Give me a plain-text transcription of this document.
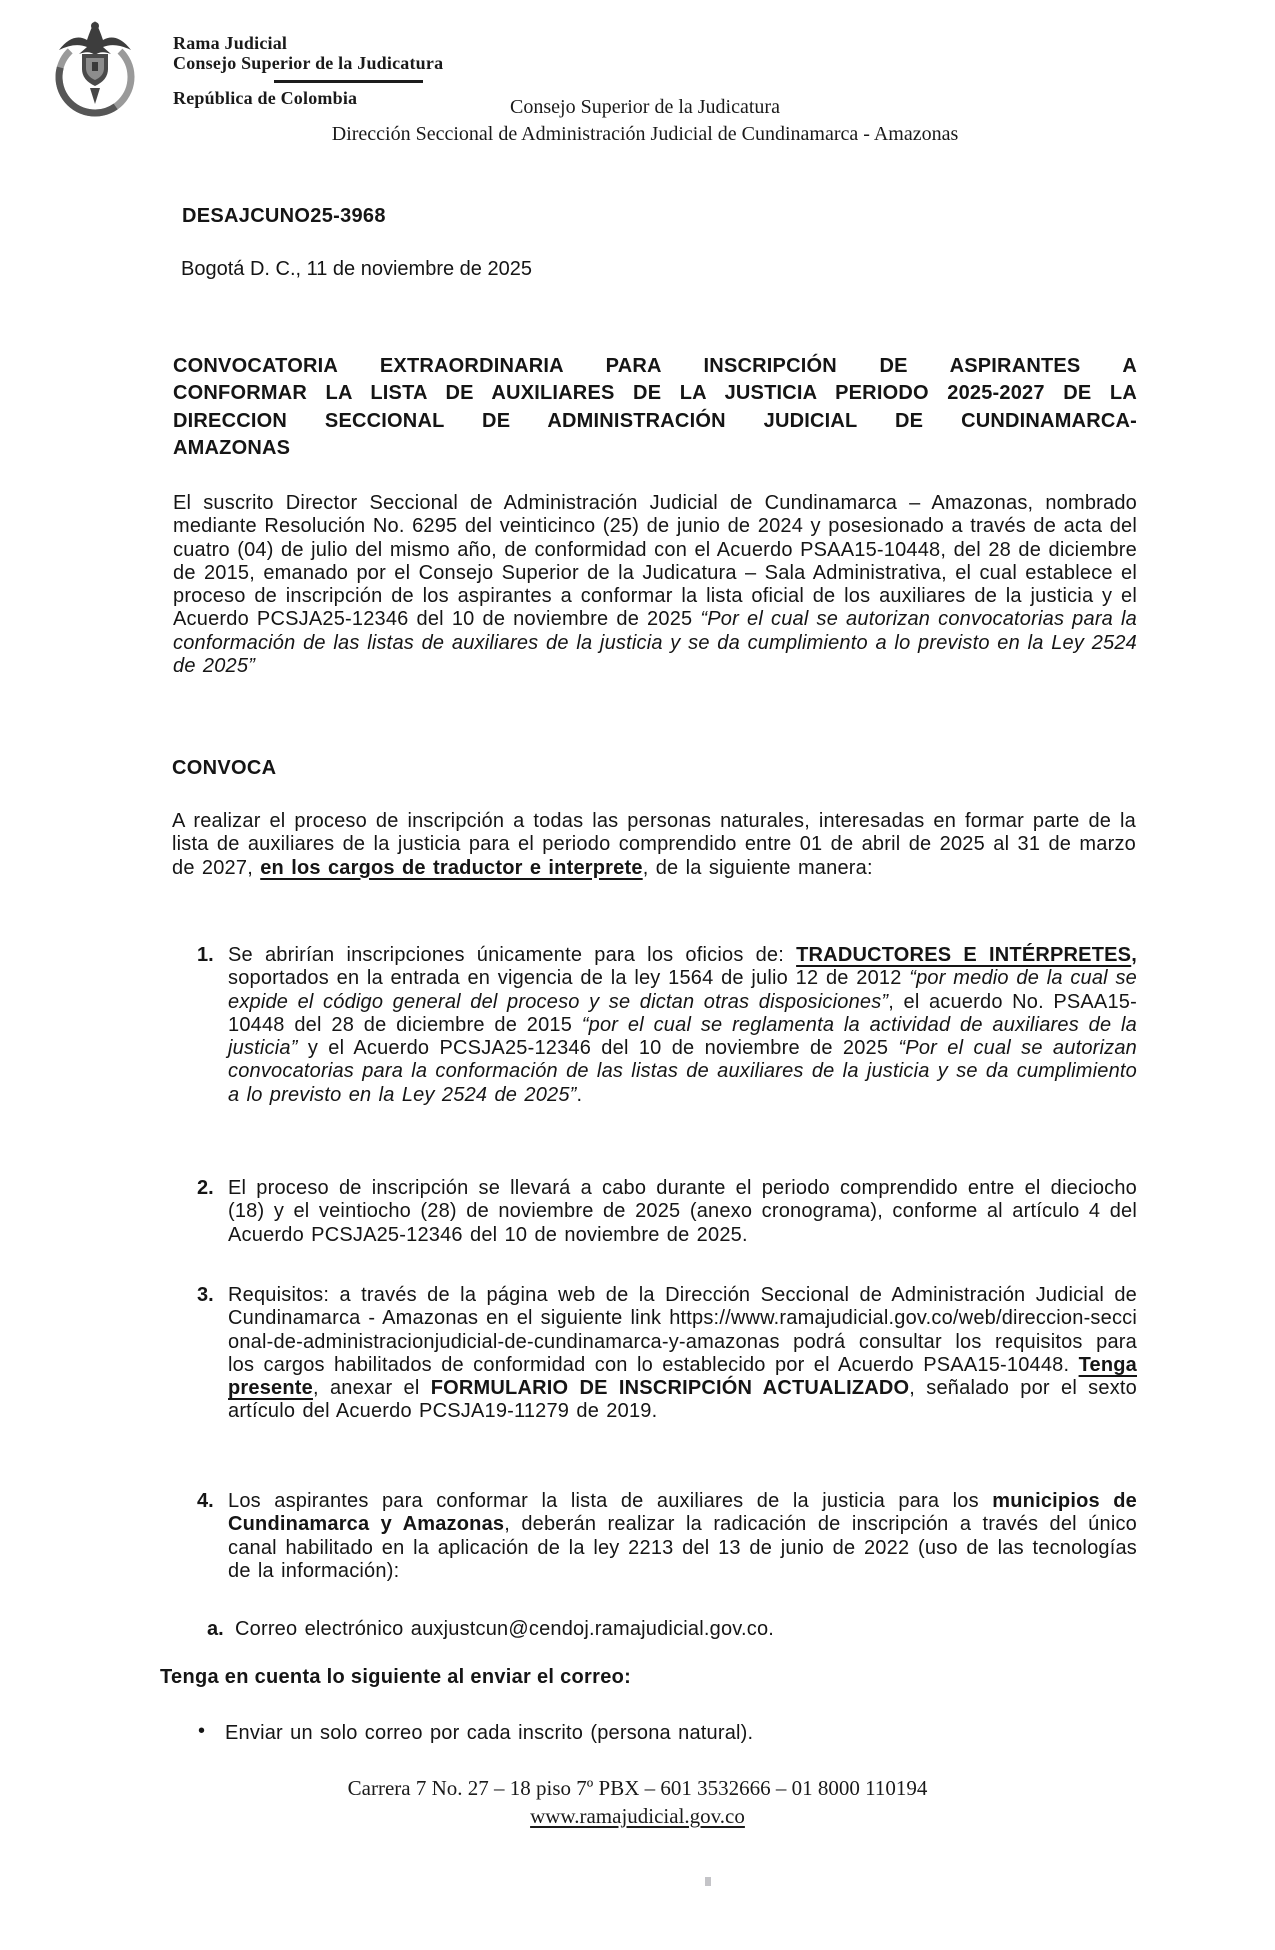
Rama Judicial
Consejo Superior de la Judicatura
República de Colombia	Consejo Superior de la Judicatura
Dirección Seccional de Administración Judicial de Cundinamarca - Amazonas
DESAJCUNO25-3968
Bogotá D. C., 11 de noviembre de 2025
CONVOCATORIA EXTRAORDINARIA PARA INSCRIPCIÓN DE ASPIRANTES A
CONFORMAR LA LISTA DE AUXILIARES DE LA JUSTICIA PERIODO 2025-2027 DE LA
DIRECCION SECCIONAL DE ADMINISTRACIÓN JUDICIAL DE CUNDINAMARCA-
AMAZONAS
El suscrito Director Seccional de Administración Judicial de Cundinamarca – Amazonas, nombrado mediante Resolución No. 6295 del veinticinco (25) de junio de 2024 y posesionado a través de acta del cuatro (04) de julio del mismo año, de conformidad con el Acuerdo PSAA15-10448, del 28 de diciembre de 2015, emanado por el Consejo Superior de la Judicatura – Sala Administrativa, el cual establece el proceso de inscripción de los aspirantes a conformar la lista oficial de los auxiliares de la justicia y el Acuerdo PCSJA25-12346 del 10 de noviembre de 2025 “Por el cual se autorizan convocatorias para la conformación de las listas de auxiliares de la justicia y se da cumplimiento a lo previsto en la Ley 2524 de 2025”
CONVOCA
A realizar el proceso de inscripción a todas las personas naturales, interesadas en formar parte de la lista de auxiliares de la justicia para el periodo comprendido entre 01 de abril de 2025 al 31 de marzo de 2027, en los cargos de traductor e interprete, de la siguiente manera:
1. Se abrirían inscripciones únicamente para los oficios de: TRADUCTORES E INTÉRPRETES, soportados en la entrada en vigencia de la ley 1564 de julio 12 de 2012 “por medio de la cual se expide el código general del proceso y se dictan otras disposiciones”, el acuerdo No. PSAA15-10448 del 28 de diciembre de 2015 “por el cual se reglamenta la actividad de auxiliares de la justicia” y el Acuerdo PCSJA25-12346 del 10 de noviembre de 2025 “Por el cual se autorizan convocatorias para la conformación de las listas de auxiliares de la justicia y se da cumplimiento a lo previsto en la Ley 2524 de 2025”.
2. El proceso de inscripción se llevará a cabo durante el periodo comprendido entre el dieciocho (18) y el veintiocho (28) de noviembre de 2025 (anexo cronograma), conforme al artículo 4 del Acuerdo PCSJA25-12346 del 10 de noviembre de 2025.
3. Requisitos: a través de la página web de la Dirección Seccional de Administración Judicial de Cundinamarca - Amazonas en el siguiente link https://www.ramajudicial.gov.co/web/direccion-seccional-de-administracionjudicial-de-cundinamarca-y-amazonas podrá consultar los requisitos para los cargos habilitados de conformidad con lo establecido por el Acuerdo PSAA15-10448. Tenga presente, anexar el FORMULARIO DE INSCRIPCIÓN ACTUALIZADO, señalado por el sexto artículo del Acuerdo PCSJA19-11279 de 2019.
4. Los aspirantes para conformar la lista de auxiliares de la justicia para los municipios de Cundinamarca y Amazonas, deberán realizar la radicación de inscripción a través del único canal habilitado en la aplicación de la ley 2213 del 13 de junio de 2022 (uso de las tecnologías de la información):
a. Correo electrónico auxjustcun@cendoj.ramajudicial.gov.co.
Tenga en cuenta lo siguiente al enviar el correo:
• Enviar un solo correo por cada inscrito (persona natural).
Carrera 7 No. 27 – 18 piso 7º PBX – 601 3532666 – 01 8000 110194
www.ramajudicial.gov.co
